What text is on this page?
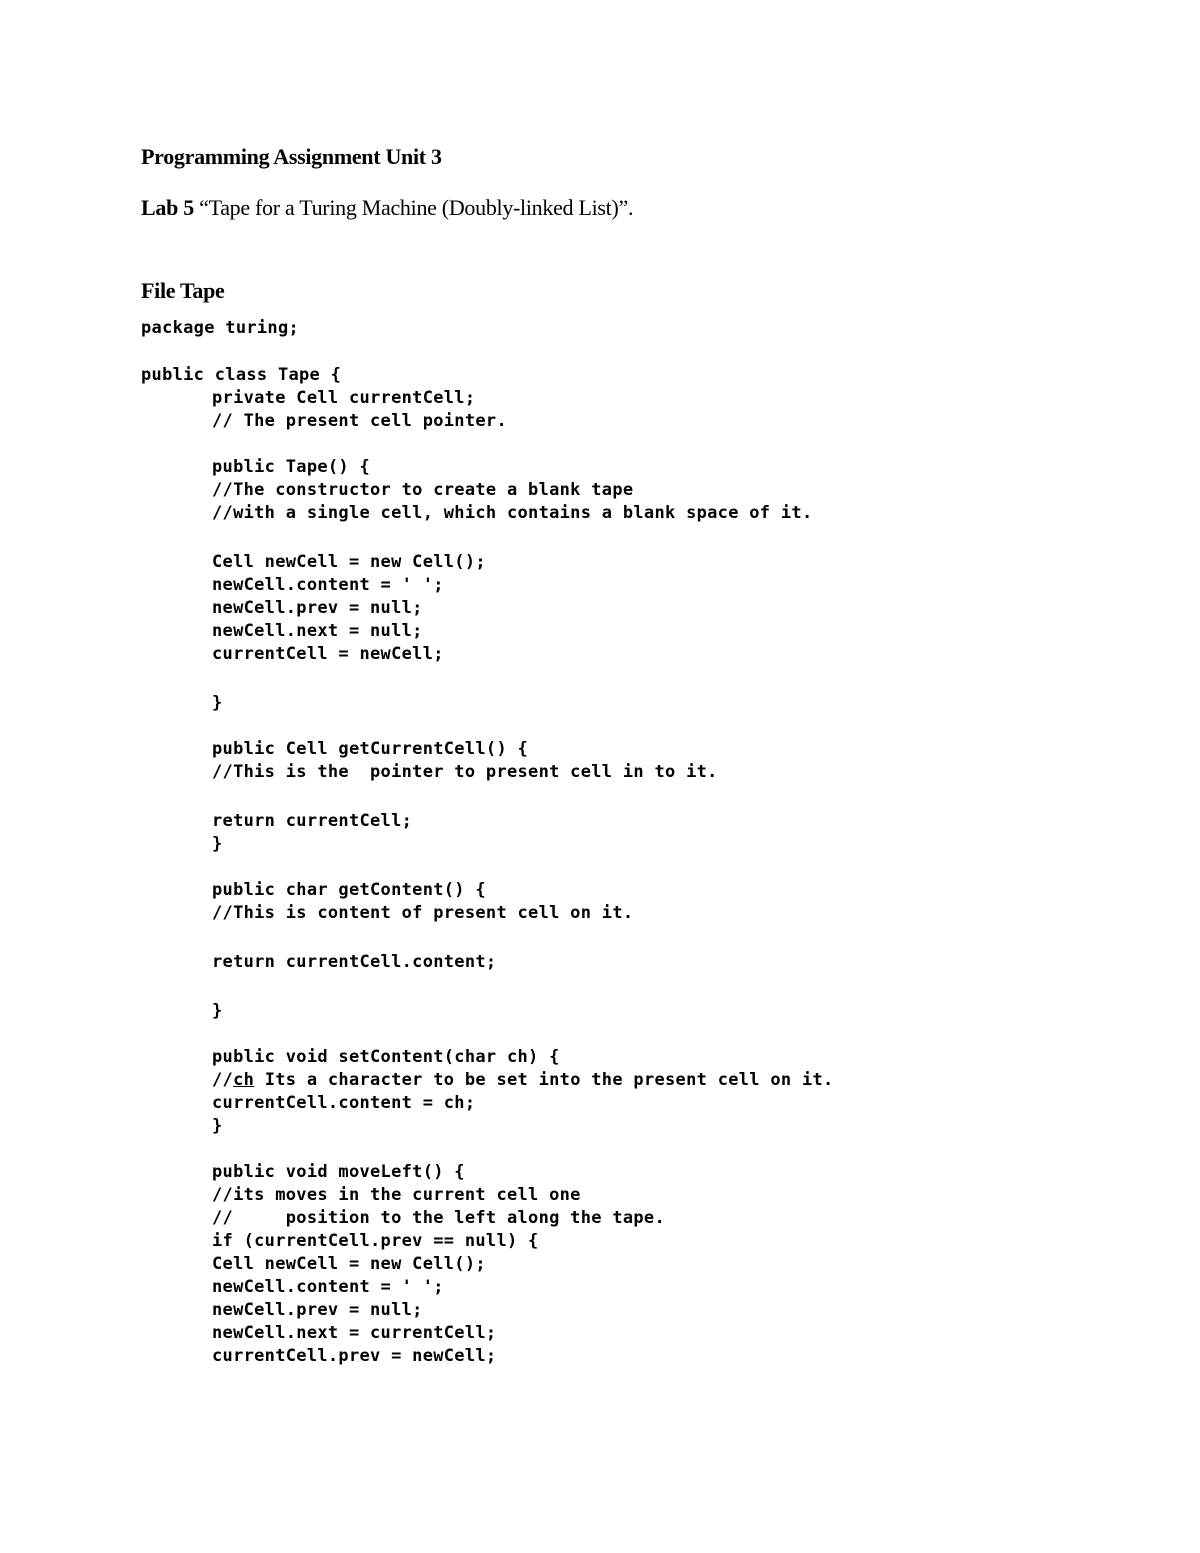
Programming Assignment Unit 3
Lab 5 “Tape for a Turing Machine (Doubly-linked List)”.
File Tape
package turing;
public class Tape {
private Cell currentCell;
// The present cell pointer.
public Tape() {
//The constructor to create a blank tape
//with a single cell, which contains a blank space of it.
Cell newCell = new Cell();
newCell.content = ' ';
newCell.prev = null;
newCell.next = null;
currentCell = newCell;
}
public Cell getCurrentCell() {
//This is the  pointer to present cell in to it.
return currentCell;
}
public char getContent() {
//This is content of present cell on it.
return currentCell.content;
}
public void setContent(char ch) {
//ch Its a character to be set into the present cell on it.
currentCell.content = ch;
}
public void moveLeft() {
//its moves in the current cell one
//     position to the left along the tape.
if (currentCell.prev == null) {
Cell newCell = new Cell();
newCell.content = ' ';
newCell.prev = null;
newCell.next = currentCell;
currentCell.prev = newCell;
